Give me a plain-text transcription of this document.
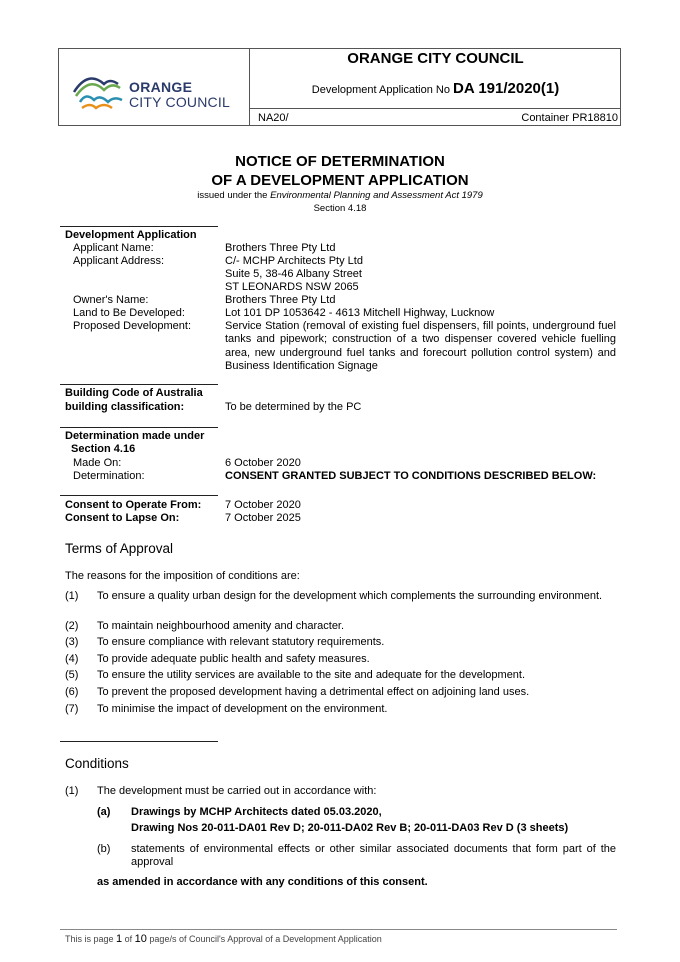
ORANGE
CITY COUNCIL
ORANGE CITY COUNCIL
Development Application No DA 191/2020(1)
NA20/	Container PR18810
NOTICE OF DETERMINATION
OF A DEVELOPMENT APPLICATION
issued under the Environmental Planning and Assessment Act 1979
Section 4.18
Development Application
Applicant Name:	Brothers Three Pty Ltd
Applicant Address:	C/- MCHP Architects Pty Ltd
Suite 5, 38-46 Albany Street
ST LEONARDS NSW 2065
Owner's Name:	Brothers Three Pty Ltd
Land to Be Developed:	Lot 101 DP 1053642 - 4613 Mitchell Highway, Lucknow
Proposed Development:	Service Station (removal of existing fuel dispensers, fill points, underground fuel tanks and pipework; construction of a two dispenser covered vehicle fuelling area, new underground fuel tanks and forecourt pollution control system) and Business Identification Signage
Building Code of Australia
building classification:	To be determined by the PC
Determination made under
Section 4.16
Made On:	6 October 2020
Determination:	CONSENT GRANTED SUBJECT TO CONDITIONS DESCRIBED BELOW:
Consent to Operate From: 7 October 2020
Consent to Lapse On:	7 October 2025
Terms of Approval
The reasons for the imposition of conditions are:
(1) To ensure a quality urban design for the development which complements the surrounding environment.
(2) To maintain neighbourhood amenity and character.
(3) To ensure compliance with relevant statutory requirements.
(4) To provide adequate public health and safety measures.
(5) To ensure the utility services are available to the site and adequate for the development.
(6) To prevent the proposed development having a detrimental effect on adjoining land uses.
(7) To minimise the impact of development on the environment.
Conditions
(1) The development must be carried out in accordance with:
(a) Drawings by MCHP Architects dated 05.03.2020,
Drawing Nos 20-011-DA01 Rev D; 20-011-DA02 Rev B; 20-011-DA03 Rev D (3 sheets)
(b) statements of environmental effects or other similar associated documents that form part of the approval
as amended in accordance with any conditions of this consent.
This is page 1 of 10 page/s of Council's Approval of a Development Application
